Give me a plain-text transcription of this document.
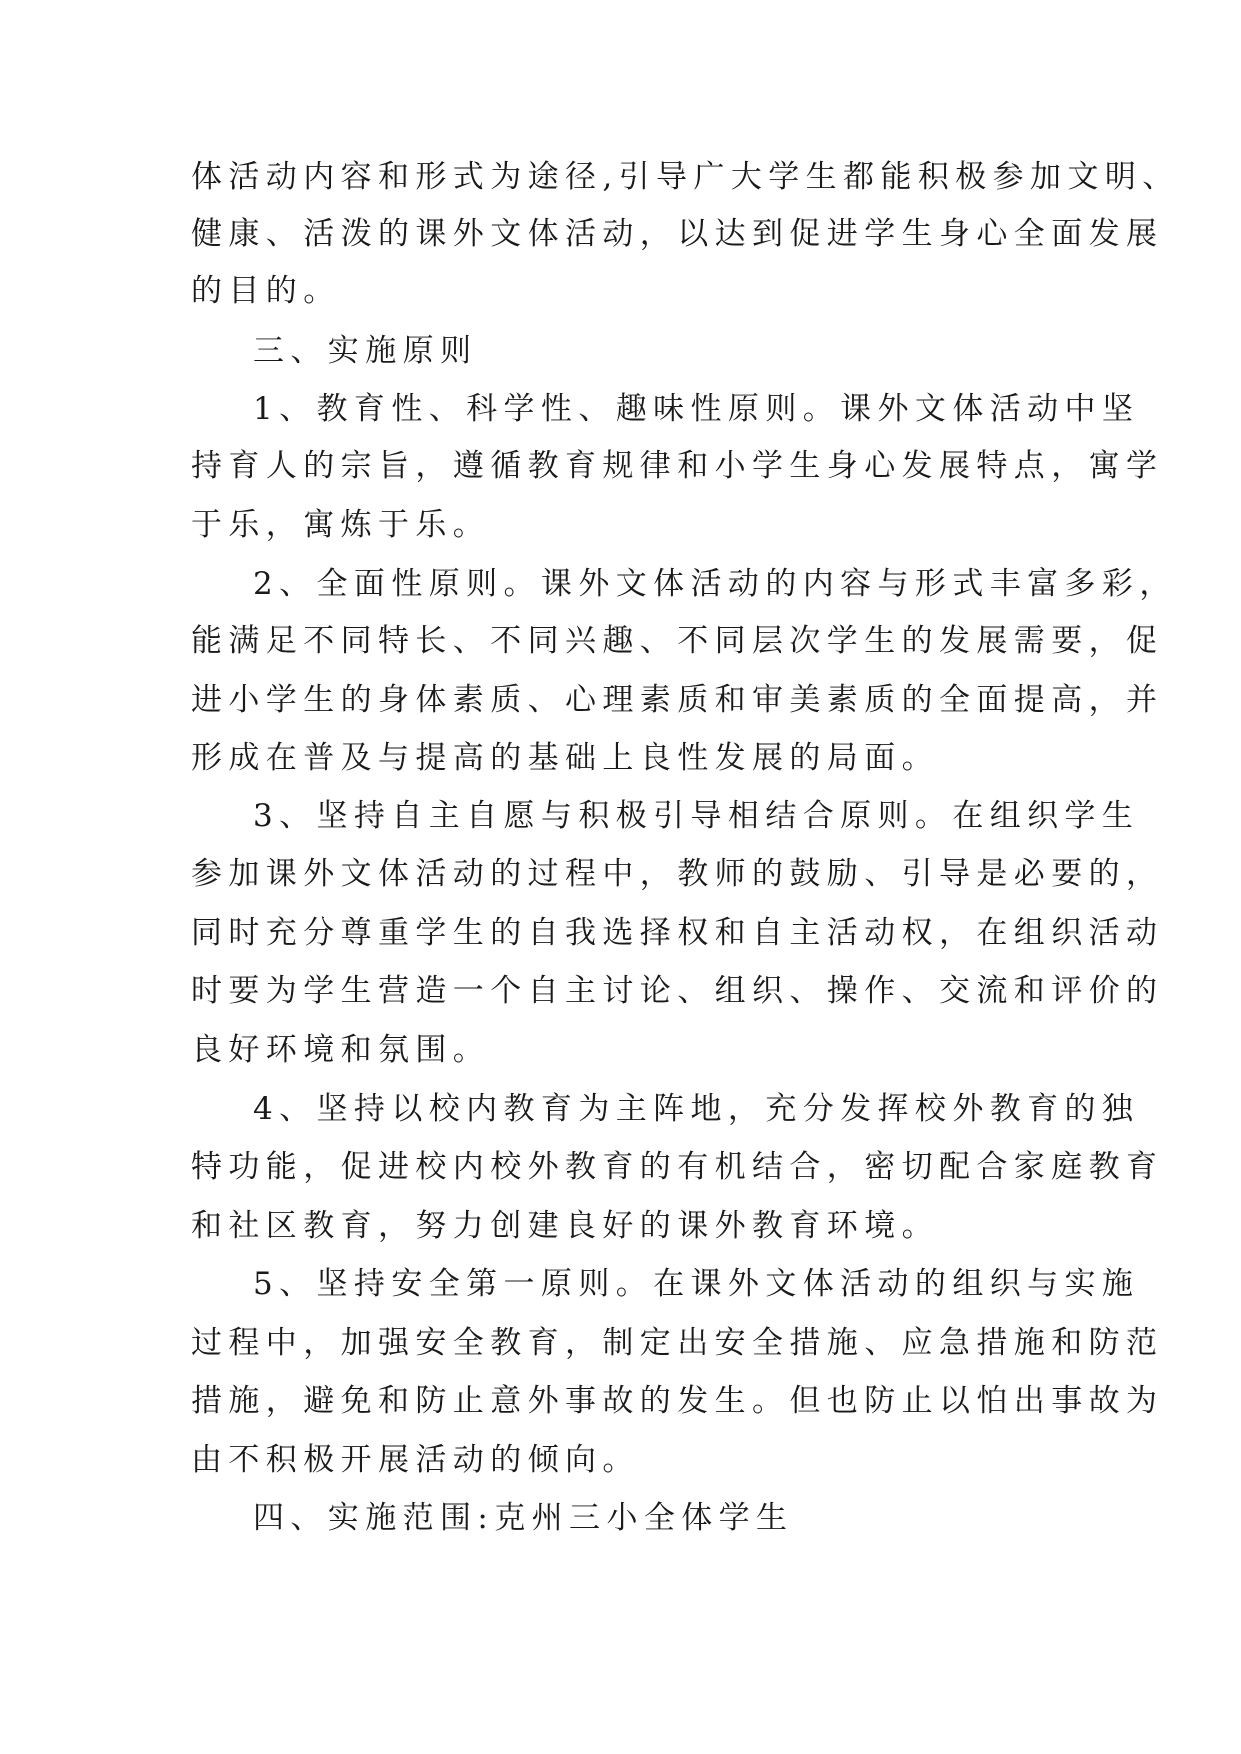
体活动内容和形式为途径,引导广大学生都能积极参加文明、
健康、活泼的课外文体活动，以达到促进学生身心全面发展
的目的。
三、实施原则
1、教育性、科学性、趣味性原则。课外文体活动中坚
持育人的宗旨，遵循教育规律和小学生身心发展特点，寓学
于乐，寓炼于乐。
2、全面性原则。课外文体活动的内容与形式丰富多彩，
能满足不同特长、不同兴趣、不同层次学生的发展需要，促
进小学生的身体素质、心理素质和审美素质的全面提高，并
形成在普及与提高的基础上良性发展的局面。
3、坚持自主自愿与积极引导相结合原则。在组织学生
参加课外文体活动的过程中，教师的鼓励、引导是必要的，
同时充分尊重学生的自我选择权和自主活动权，在组织活动
时要为学生营造一个自主讨论、组织、操作、交流和评价的
良好环境和氛围。
4、坚持以校内教育为主阵地，充分发挥校外教育的独
特功能，促进校内校外教育的有机结合，密切配合家庭教育
和社区教育，努力创建良好的课外教育环境。
5、坚持安全第一原则。在课外文体活动的组织与实施
过程中，加强安全教育，制定出安全措施、应急措施和防范
措施，避免和防止意外事故的发生。但也防止以怕出事故为
由不积极开展活动的倾向。
四、实施范围:克州三小全体学生
